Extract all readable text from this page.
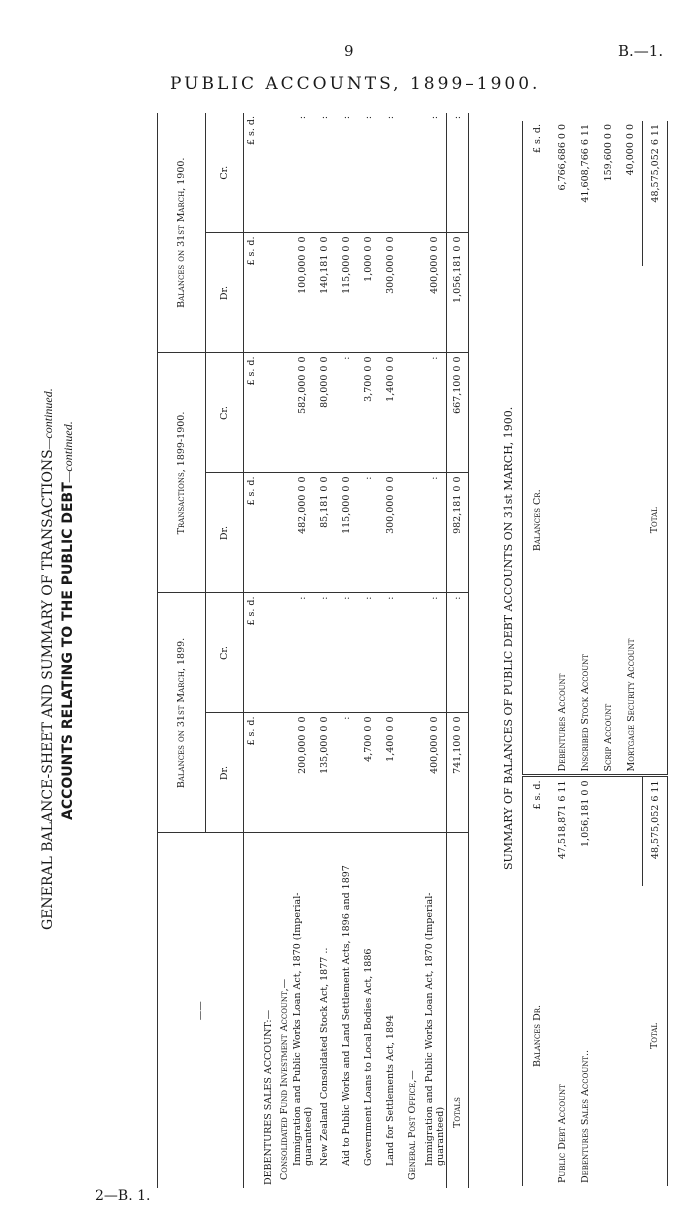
9	B.—1.
PUBLIC ACCOUNTS, 1899–1900.
2—B. 1.
GENERAL BALANCE-SHEET AND SUMMARY OF TRANSACTIONS—continued.
ACCOUNTS RELATING TO THE PUBLIC DEBT—continued.
——	Balances on 31st March, 1899.		Transactions, 1899-1900.		Balances on 31st March, 1900.	
	Dr.	Cr.	Dr.	Cr.	Dr.	Cr.
	£ s. d.	£ s. d.	£ s. d.	£ s. d.	£ s. d.	£ s. d.
DEBENTURES SALES ACCOUNT:—						
Consolidated Fund Investment Account,—						
Immigration and Public Works Loan Act, 1870 (Imperial-guaranteed)	200,000 0 0	:	482,000 0 0	582,000 0 0	100,000 0 0	:
New Zealand Consolidated Stock Act, 1877 ..	135,000 0 0	:	85,181 0 0	80,000 0 0	140,181 0 0	:
Aid to Public Works and Land Settlement Acts, 1896 and 1897	:	:	115,000 0 0	:	115,000 0 0	:
Government Loans to Local Bodies Act, 1886	4,700 0 0	:	:	3,700 0 0	1,000 0 0	:
Land for Settlements Act, 1894	1,400 0 0	:	300,000 0 0	1,400 0 0	300,000 0 0	:
General Post Office,—						
Immigration and Public Works Loan Act, 1870 (Imperial-guaranteed)	400,000 0 0	:	:	:	400,000 0 0	:
Totals	741,100 0 0	:	982,181 0 0	667,100 0 0	1,056,181 0 0	:

SUMMARY OF BALANCES OF PUBLIC DEBT ACCOUNTS ON 31st MARCH, 1900.
Balances Dr.	£ s. d.	Balances Cr.	£ s. d.
Public Debt Account	47,518,871 6 11	Debentures Account	6,766,686 0 0
Debentures Sales Account..	1,056,181 0 0	Inscribed Stock Account	41,608,766 6 11
		Scrip Account	159,600 0 0
		Mortgage Security Account	40,000 0 0
Total	48,575,052 6 11	Total	48,575,052 6 11
